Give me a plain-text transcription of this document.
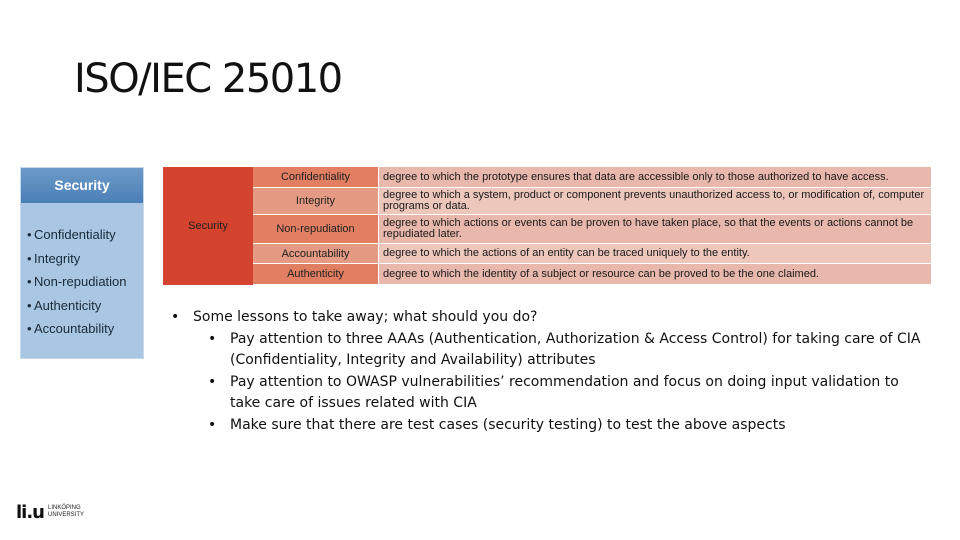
ISO/IEC 25010
Security
• Confidentiality
• Integrity
• Non-repudiation
• Authenticity
• Accountability
Security
Confidentiality	degree to which the prototype ensures that data are accessible only to those authorized to have access.
Integrity	degree to which a system, product or component prevents unauthorized access to, or modification of, computer programs or data.
Non-repudiation	degree to which actions or events can be proven to have taken place, so that the events or actions cannot be repudiated later.
Accountability	degree to which the actions of an entity can be traced uniquely to the entity.
Authenticity	degree to which the identity of a subject or resource can be proved to be the one claimed.
• Some lessons to take away; what should you do?
• Pay attention to three AAAs (Authentication, Authorization & Access Control) for taking care of CIA (Confidentiality, Integrity and Availability) attributes
• Pay attention to OWASP vulnerabilities’ recommendation and focus on doing input validation to take care of issues related with CIA
• Make sure that there are test cases (security testing) to test the above aspects
li.u LINKÖPING
UNIVERSITY
